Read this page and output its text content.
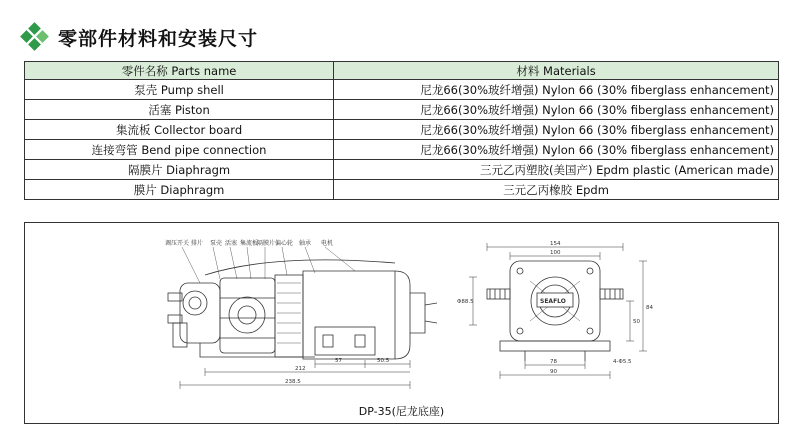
零部件材料和安装尺寸
零件名称 Parts name	材料 Materials
泵壳 Pump shell	尼龙66(30%玻纤增强) Nylon 66 (30% fiberglass enhancement)
活塞 Piston	尼龙66(30%玻纤增强) Nylon 66 (30% fiberglass enhancement)
集流板 Collector board	尼龙66(30%玻纤增强) Nylon 66 (30% fiberglass enhancement)
连接弯管 Bend pipe connection	尼龙66(30%玻纤增强) Nylon 66 (30% fiberglass enhancement)
隔膜片 Diaphragm	三元乙丙塑胶(美国产) Epdm plastic (American made)
膜片 Diaphragm	三元乙丙橡胶 Epdm
调压开关 排片 泵壳 活塞 集流板
隔膜片 偏心轮 轴承 电机
57	50.5
212
238.5
154
100
Φ88.5
50
84
78
90
4-Φ5.5
SEAFLO
DP-35(尼龙底座)
